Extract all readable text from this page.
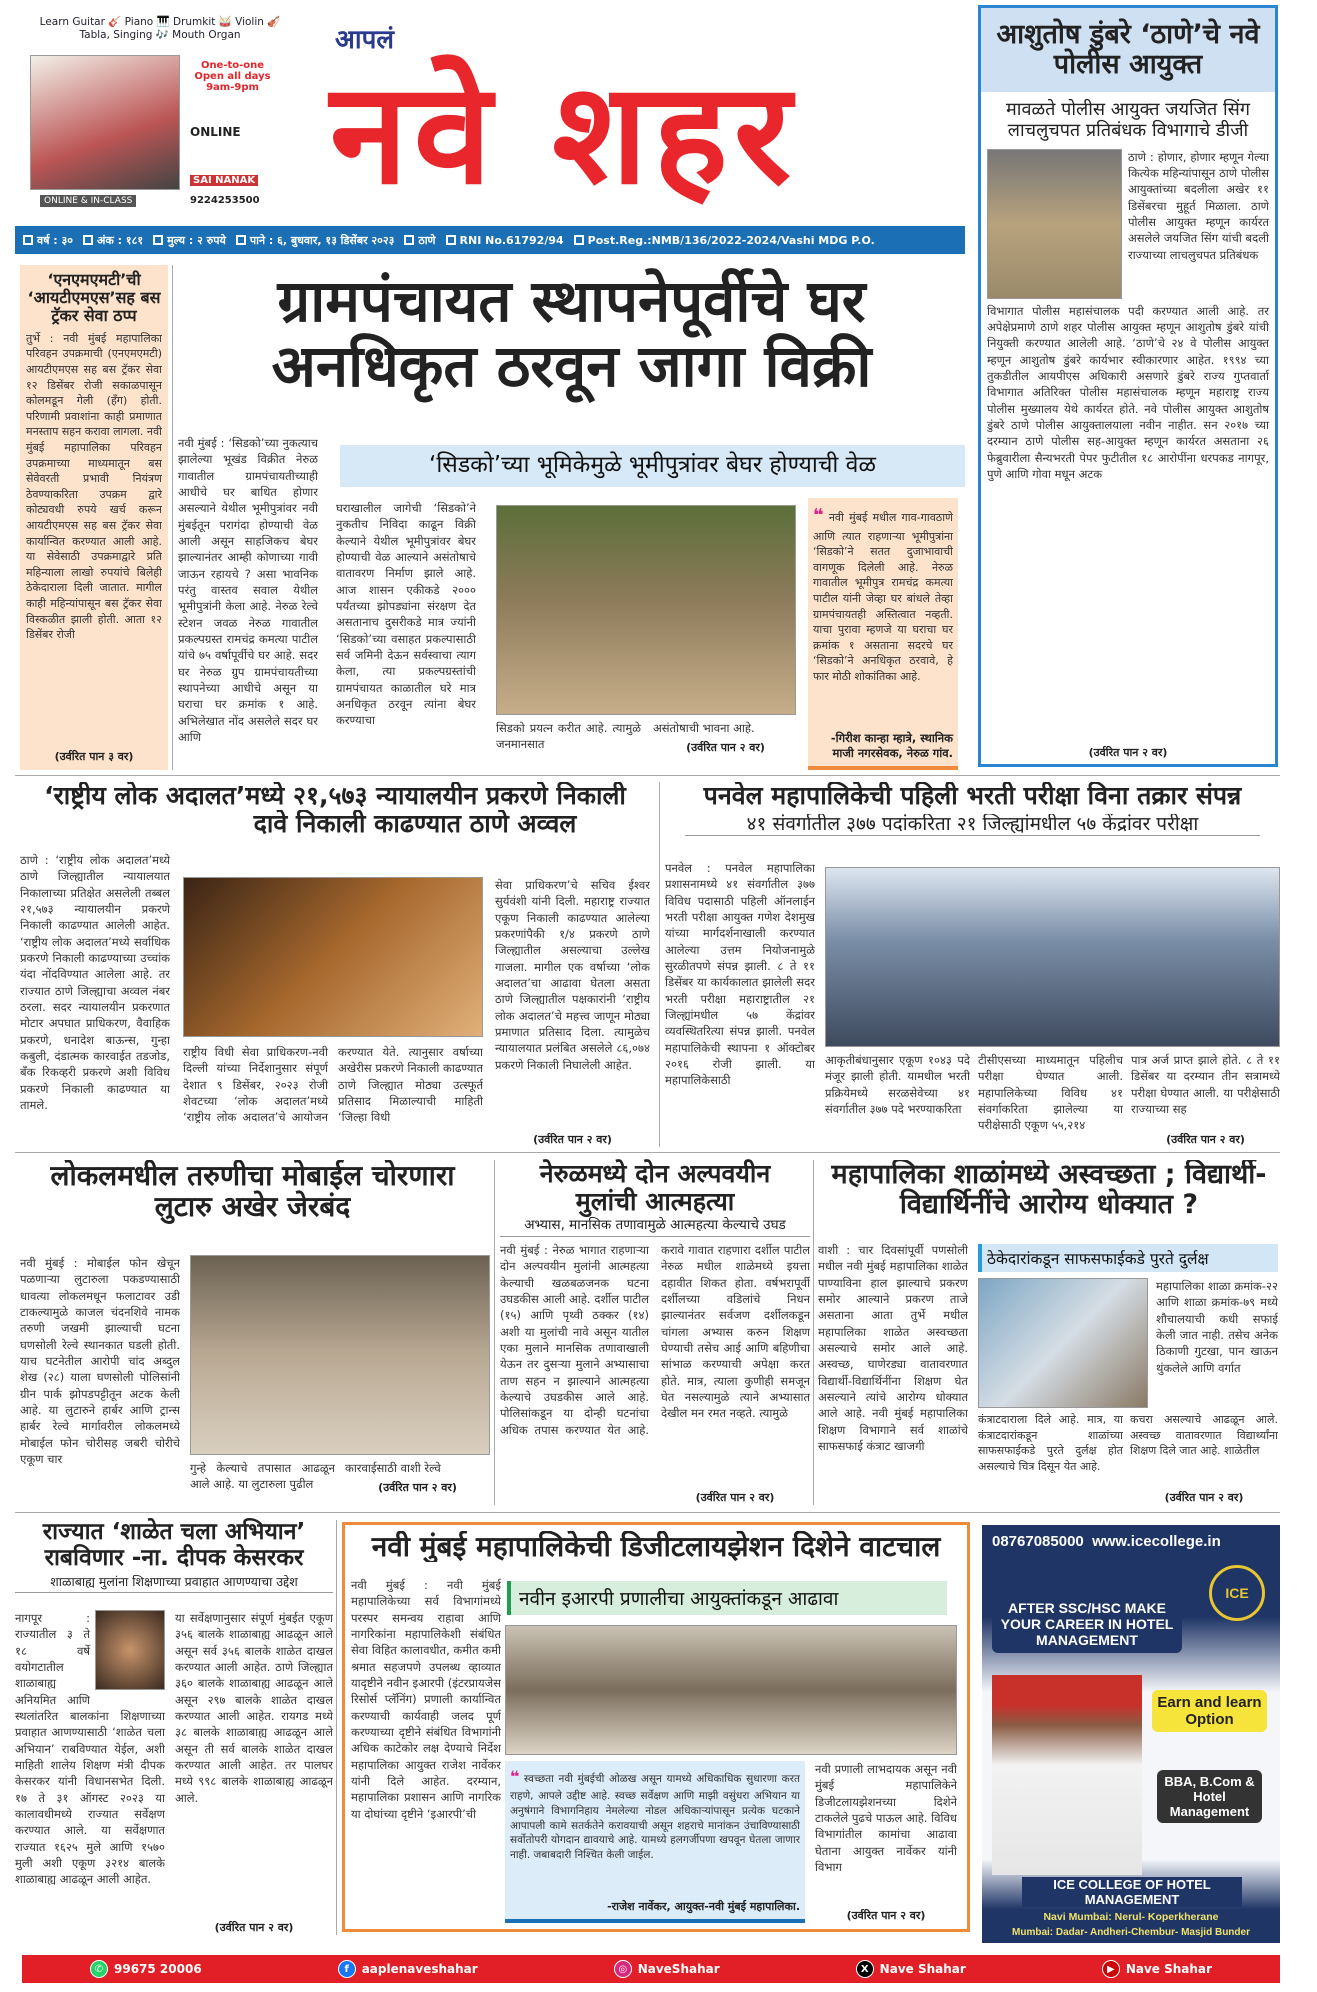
Learn Guitar 🎸 Piano 🎹 Drumkit 🥁 Violin 🎻
Tabla, Singing 🎶 Mouth Organ
One-to-one Open all days 9am-9pm
ONLINE
ONLINE & IN-CLASS
SAI NANAK
9224253500
आपलं
नवे शहर
वर्ष : ३० अंक : १८१ मुल्य : २ रुपये पाने : ६, बुधवार, १३ डिसेंबर २०२३ ठाणे RNI No.61792/94 Post.Reg.:NMB/136/2022-2024/Vashi MDG P.O.
आशुतोष डुंबरे ‘ठाणे’चे नवे पोलीस आयुक्त
मावळते पोलीस आयुक्त जयजित सिंग लाचलुचपत प्रतिबंधक विभागाचे डीजी
ठाणे : होणार, होणार म्हणून गेल्या कित्येक महिन्यांपासून ठाणे पोलीस आयुक्तांच्या बदलीला अखेर ११ डिसेंबरचा मुहूर्त मिळाला. ठाणे पोलीस आयुक्त म्हणून कार्यरत असलेले जयजित सिंग यांची बदली राज्याच्या लाचलुचपत प्रतिबंधक
विभागात पोलीस महासंचालक पदी करण्यात आली आहे. तर अपेक्षेप्रमाणे ठाणे शहर पोलीस आयुक्त म्हणून आशुतोष डुंबरे यांची नियुक्ती करण्यात आलेली आहे. ‘ठाणे’चे २४ वे पोलीस आयुक्त म्हणून आशुतोष डुंबरे कार्यभार स्वीकारणार आहेत. १९९४ च्या तुकडीतील आयपीएस अधिकारी असणारे डुंबरे राज्य गुप्तवार्ता विभागात अतिरिक्त पोलीस महासंचालक म्हणून महाराष्ट्र राज्य पोलीस मुख्यालय येथे कार्यरत होते. नवे पोलीस आयुक्त आशुतोष डुंबरे ठाणे पोलीस आयुक्तालयाला नवीन नाहीत. सन २०१७ च्या दरम्यान ठाणे पोलीस सह-आयुक्त म्हणून कार्यरत असताना २६ फेब्रुवारीला सैन्यभरती पेपर फुटीतील १८ आरोपींना धरपकड नागपूर, पुणे आणि गोवा मधून अटक
(उर्वरित पान २ वर)
‘एनएमएमटी’ची ‘आयटीएमएस’सह बस ट्रॅकर सेवा ठप्प
तुर्भे : नवी मुंबई महापालिका परिवहन उपक्रमाची (एनएमएमटी) आयटीएमएस सह बस ट्रॅकर सेवा १२ डिसेंबर रोजी सकाळपासून कोलमडून गेली (हँग) होती. परिणामी प्रवाशांना काही प्रमाणात मनस्ताप सहन करावा लागला. नवी मुंबई महापालिका परिवहन उपक्रमाच्या माध्यमातून बस सेवेवरती प्रभावी नियंत्रण ठेवण्याकरिता उपक्रम द्वारे कोट्यवधी रुपये खर्च करून आयटीएमएस सह बस ट्रॅकर सेवा कार्यान्वित करण्यात आली आहे. या सेवेसाठी उपक्रमाद्वारे प्रति महिन्याला लाखो रुपयांचे बिलेही ठेकेदाराला दिली जातात. मागील काही महिन्यांपासून बस ट्रॅकर सेवा विस्कळीत झाली होती. आता १२ डिसेंबर रोजी
(उर्वरित पान ३ वर)
ग्रामपंचायत स्थापनेपूर्वीचे घर अनधिकृत ठरवून जागा विक्री
नवी मुंबई : ‘सिडको’च्या नुकत्याच झालेल्या भूखंड विक्रीत नेरुळ गावातील ग्रामपंचायतीच्याही आधीचे घर बाधित होणार असल्याने येथील भूमीपुत्रांवर नवी मुंबईतून परागंदा होण्याची वेळ आली असून साहजिकच बेघर झाल्यानंतर आम्ही कोणाच्या गावी जाऊन रहायचे ? असा भावनिक परंतु वास्तव सवाल येथील भूमीपुत्रांनी केला आहे. नेरुळ रेल्वे स्टेशन जवळ नेरुळ गावातील प्रकल्पग्रस्त रामचंद्र कमत्या पाटील यांचे ७५ वर्षापूर्वीचे घर आहे. सदर घर नेरुळ ग्रुप ग्रामपंचायतीच्या स्थापनेच्या आधीचे असून या घराचा घर क्रमांक १ आहे. अभिलेखात नोंद असलेले सदर घर आणि
‘सिडको’च्या भूमिकेमुळे भूमीपुत्रांवर बेघर होण्याची वेळ
घराखालील जागेची ‘सिडको’ने नुकतीच निविदा काढून विक्री केल्याने येथील भूमीपुत्रांवर बेघर होण्याची वेळ आल्याने असंतोषाचे वातावरण निर्माण झाले आहे. आज शासन एकीकडे २००० पर्यंतच्या झोपड्यांना संरक्षण देत असतानाच दुसरीकडे मात्र ज्यांनी ‘सिडको’च्या वसाहत प्रकल्पासाठी सर्व जमिनी देऊन सर्वस्वाचा त्याग केला, त्या प्रकल्पग्रस्तांची ग्रामपंचायत काळातील घरे मात्र अनधिकृत ठरवून त्यांना बेघर करण्याचा
सिडको प्रयत्न करीत आहे. त्यामुळे जनमानसात
असंतोषाची भावना आहे.
(उर्वरित पान २ वर)
❝ नवी मुंबई मधील गाव-गावठाणे आणि त्यात राहणाऱ्या भूमीपुत्रांना ‘सिडको’ने सतत दुजाभावाची वागणूक दिलेली आहे. नेरुळ गावातील भूमीपुत्र रामचंद्र कमत्या पाटील यांनी जेव्हा घर बांधले तेव्हा ग्रामपंचायतही अस्तित्वात नव्हती. याचा पुरावा म्हणजे या घराचा घर क्रमांक १ असताना सदरचे घर ‘सिडको’ने अनधिकृत ठरवावे, हे फार मोठी शोकांतिका आहे.
-गिरीश कान्हा म्हात्रे, स्थानिक माजी नगरसेवक, नेरुळ गांव.
‘राष्ट्रीय लोक अदालत’मध्ये २१,५७३ न्यायालयीन प्रकरणे निकाली
दावे निकाली काढण्यात ठाणे अव्वल
ठाणे : ‘राष्ट्रीय लोक अदालत’मध्ये ठाणे जिल्ह्यातील न्यायालयात निकालाच्या प्रतिक्षेत असलेली तब्बल २१,५७३ न्यायालयीन प्रकरणे निकाली काढण्यात आलेली आहेत. ‘राष्ट्रीय लोक अदालत’मध्ये सर्वाधिक प्रकरणे निकाली काढण्याच्या उच्चांक यंदा नोंदविण्यात आलेला आहे. तर राज्यात ठाणे जिल्ह्याचा अव्वल नंबर ठरला. सदर न्यायालयीन प्रकरणात मोटार अपघात प्राधिकरण, वैवाहिक प्रकरणे, धनादेश बाऊन्स, गुन्हा कबुली, दंडात्मक कारवाईत तडजोड, बँक रिकव्हरी प्रकरणे अशी विविध प्रकरणे निकाली काढण्यात या तामले.
राष्ट्रीय विधी सेवा प्राधिकरण-नवी दिल्ली यांच्या निर्देशानुसार संपूर्ण देशात ९ डिसेंबर, २०२३ रोजी शेवटच्या ‘लोक अदालत’मध्ये ‘राष्ट्रीय लोक अदालत’चे आयोजन करण्यात येते. त्यानुसार वर्षाच्या अखेरीस प्रकरणे निकाली काढण्यात ठाणे जिल्ह्यात मोठ्या उत्स्फूर्त प्रतिसाद मिळाल्याची माहिती ‘जिल्हा विधी
सेवा प्राधिकरण’चे सचिव ईश्वर सुर्यवंशी यांनी दिली. महाराष्ट्र राज्यात एकूण निकाली काढण्यात आलेल्या प्रकरणांपैकी १/४ प्रकरणे ठाणे जिल्ह्यातील असल्याचा उल्लेख गाजला. मागील एक वर्षाच्या ‘लोक अदालत’चा आढावा घेतला असता ठाणे जिल्ह्यातील पक्षकारांनी ‘राष्ट्रीय लोक अदालत’चे महत्त्व जाणून मोठ्या प्रमाणात प्रतिसाद दिला. त्यामुळेच न्यायालयात प्रलंबित असलेले ८६,०७४ प्रकरणे निकाली निघालेली आहेत.
(उर्वरित पान २ वर)
पनवेल महापालिकेची पहिली भरती परीक्षा विना तक्रार संपन्न
४१ संवर्गातील ३७७ पदांकरिता २१ जिल्ह्यांमधील ५७ केंद्रांवर परीक्षा
पनवेल : पनवेल महापालिका प्रशासनामध्ये ४१ संवर्गातील ३७७ विविध पदासाठी पहिली ऑनलाईन भरती परीक्षा आयुक्त गणेश देशमुख यांच्या मार्गदर्शनाखाली करण्यात आलेल्या उत्तम नियोजनामुळे सुरळीतपणे संपन्न झाली. ८ ते ११ डिसेंबर या कार्यकालात झालेली सदर भरती परीक्षा महाराष्ट्रातील २१ जिल्ह्यांमधील ५७ केंद्रांवर व्यवस्थितरित्या संपन्न झाली. पनवेल महापालिकेची स्थापना १ ऑक्टोबर २०१६ रोजी झाली. या महापालिकेसाठी
आकृतीबंधानुसार एकूण १०४३ पदे मंजूर झाली होती. यामधील भरती प्रक्रियेमध्ये सरळसेवेच्या ४१ संवर्गातील ३७७ पदे भरण्याकरिता
टीसीएसच्या माध्यमातून पहिलीच परीक्षा घेण्यात आली. महापालिकेच्या विविध ४१ संवर्गाकरिता झालेल्या या परीक्षेसाठी एकूण ५५,२१४
पात्र अर्ज प्राप्त झाले होते. ८ ते ११ डिसेंबर या दरम्यान तीन सत्रामध्ये परीक्षा घेण्यात आली. या परीक्षेसाठी राज्याच्या सह
(उर्वरित पान २ वर)
लोकलमधील तरुणीचा मोबाईल चोरणारा लुटारु अखेर जेरबंद
नवी मुंबई : मोबाईल फोन खेचून पळणाऱ्या लुटारुला पकडण्यासाठी धावत्या लोकलमधून फलाटावर उडी टाकल्यामुळे काजल चंदनशिवे नामक तरुणी जखमी झाल्याची घटना घणसोली रेल्वे स्थानकात घडली होती. याच घटनेतील आरोपी चांद अब्दुल शेख (२८) याला घणसोली पोलिसांनी ग्रीन पार्क झोपडपट्टीतून अटक केली आहे. या लुटारुने हार्बर आणि ट्रान्स हार्बर रेल्वे मार्गावरील लोकलमध्ये मोबाईल फोन चोरीसह जबरी चोरीचे एकूण चार
गुन्हे केल्याचे तपासात आढळून आले आहे. या लुटारुला पुढील
कारवाईसाठी वाशी रेल्वे
(उर्वरित पान २ वर)
नेरुळमध्ये दोन अल्पवयीन मुलांची आत्महत्या
अभ्यास, मानसिक तणावामुळे आत्महत्या केल्याचे उघड
नवी मुंबई : नेरुळ भागात राहणाऱ्या दोन अल्पवयीन मुलांनी आत्महत्या केल्याची खळबळजनक घटना उघडकीस आली आहे. दर्शील पाटील (१५) आणि पृथ्वी ठक्कर (१४) अशी या मुलांची नावे असून यातील एका मुलाने मानसिक तणावाखाली येऊन तर दुसऱ्या मुलाने अभ्यासाचा ताण सहन न झाल्याने आत्महत्या केल्याचे उघडकीस आले आहे. पोलिसांकडून या दोन्ही घटनांचा अधिक तपास करण्यात येत आहे. करावे गावात राहणारा दर्शील पाटील नेरुळ मधील शाळेमध्ये इयत्ता दहावीत शिकत होता. वर्षभरापूर्वी दर्शीलच्या वडिलांचे निधन झाल्यानंतर सर्वजण दर्शीलकडून चांगला अभ्यास करुन शिक्षण घेण्याची तसेच आई आणि बहिणीचा सांभाळ करण्याची अपेक्षा करत होते. मात्र, त्याला कुणीही समजून घेत नसल्यामुळे त्याने अभ्यासात देखील मन रमत नव्हते. त्यामुळे
(उर्वरित पान २ वर)
महापालिका शाळांमध्ये अस्वच्छता ; विद्यार्थी-विद्यार्थिनींचे आरोग्य धोक्यात ?
वाशी : चार दिवसांपूर्वी पणसोली मधील नवी मुंबई महापालिका शाळेत पाण्याविना हाल झाल्याचे प्रकरण समोर आल्याने प्रकरण ताजे असताना आता तुर्भे मधील महापालिका शाळेत अस्वच्छता असल्याचे समोर आले आहे. अस्वच्छ, घाणेरड्या वातावरणात विद्यार्थी-विद्यार्थिनींना शिक्षण घेत असल्याने त्यांचे आरोग्य धोक्यात आले आहे. नवी मुंबई महापालिका शिक्षण विभागाने सर्व शाळांचे साफसफाई कंत्राट खाजगी
ठेकेदारांकडून साफसफाईकडे पुरते दुर्लक्ष
महापालिका शाळा क्रमांक-२२ आणि शाळा क्रमांक-७९ मध्ये शौचालयाची कधी सफाई केली जात नाही. तसेच अनेक ठिकाणी गुटखा, पान खाऊन थुंकलेले आणि वर्गात
कंत्राटदाराला दिले आहे. मात्र, या कंत्राटदारांकडून शाळांच्या साफसफाईकडे पुरते दुर्लक्ष होत असल्याचे चित्र दिसून येत आहे.
कचरा असल्याचे आढळून आले. अस्वच्छ वातावरणात विद्यार्थ्यांना शिक्षण दिले जात आहे. शाळेतील
(उर्वरित पान २ वर)
राज्यात ‘शाळेत चला अभियान’ राबविणार -ना. दीपक केसरकर
शाळाबाह्य मुलांना शिक्षणाच्या प्रवाहात आणण्याचा उद्देश
नागपूर : राज्यातील ३ ते १८ वर्षे वयोगटातील शाळाबाह्य अनियमित आणि स्थलांतरित बालकांना शिक्षणाच्या प्रवाहात आणण्यासाठी ‘शाळेत चला अभियान’ राबविण्यात येईल, अशी माहिती शालेय शिक्षण मंत्री दीपक केसरकर यांनी विधानसभेत दिली. १७ ते ३१ ऑगस्ट २०२३ या कालावधीमध्ये राज्यात सर्वेक्षण करण्यात आले. या सर्वेक्षणात राज्यात १६२५ मुले आणि १५७० मुली अशी एकूण ३२१४ बालके शाळाबाह्य आढळून आली आहेत.
या सर्वेक्षणानुसार संपूर्ण मुंबईत एकूण ३५६ बालके शाळाबाह्य आढळून आले असून सर्व ३५६ बालके शाळेत दाखल करण्यात आली आहेत. ठाणे जिल्ह्यात ३६० बालके शाळाबाह्य आढळून आले असून २९७ बालके शाळेत दाखल करण्यात आली आहेत. रायगड मध्ये ३८ बालके शाळाबाह्य आढळून आले असून ती सर्व बालके शाळेत दाखल करण्यात आली आहेत. तर पालघर मध्ये ९९८ बालके शाळाबाह्य आढळून आले.
(उर्वरित पान २ वर)
नवी मुंबई महापालिकेची डिजीटलायझेशन दिशेने वाटचाल
नवी मुंबई : नवी मुंबई महापालिकेच्या सर्व विभागांमध्ये परस्पर समन्वय राहावा आणि नागरिकांना महापालिकेशी संबंधित सेवा विहित कालावधीत, कमीत कमी श्रमात सहजपणे उपलब्ध व्हाव्यात यादृष्टीने नवीन इआरपी (इंटरप्रायजेस रिसोर्स प्लॅनिंग) प्रणाली कार्यान्वित करण्याची कार्यवाही जलद पूर्ण करण्याच्या दृष्टीने संबंधित विभागांनी अधिक काटेकोर लक्ष देण्याचे निर्देश महापालिका आयुक्त राजेश नार्वेकर यांनी दिले आहेत. दरम्यान, महापालिका प्रशासन आणि नागरिक या दोघांच्या दृष्टीने ‘इआरपी’ची
नवीन इआरपी प्रणालीचा आयुक्तांकडून आढावा
❝ स्वच्छता नवी मुंबईची ओळख असून यामध्ये अधिकाधिक सुधारणा करत राहणे, आपले उद्दीष्ट आहे. स्वच्छ सर्वेक्षण आणि माझी वसुंधरा अभियान या अनुषंगाने विभागनिहाय नेमलेल्या नोडल अधिकाऱ्यांपासून प्रत्येक घटकाने आपापली कामे सतर्कतेने करावयाची असून शहराचे मानांकन उंचाविण्यासाठी सर्वोतोपरी योगदान द्यावयाचे आहे. यामध्ये हलगर्जीपणा खपवून घेतला जाणार नाही. जबाबदारी निश्चित केली जाईल.
-राजेश नार्वेकर, आयुक्त-नवी मुंबई महापालिका.
नवी प्रणाली लाभदायक असून नवी मुंबई महापालिकेने डिजीटलायझेशनच्या दिशेने टाकलेले पुढचे पाऊल आहे. विविध विभागांतील कामांचा आढावा घेताना आयुक्त नार्वेकर यांनी विभाग
(उर्वरित पान २ वर)
08767085000  www.icecollege.in
ICE
AFTER SSC/HSC MAKE YOUR CAREER IN HOTEL MANAGEMENT
Earn and learn Option
BBA, B.Com & Hotel Management
ICE COLLEGE OF HOTEL MANAGEMENT
Navi Mumbai: Nerul- Koperkherane
Mumbai: Dadar- Andheri-Chembur- Masjid Bunder
✆ 99675 20006	f	aaplenaveshahar	◎ NaveShahar	X Nave Shahar	▶ Nave Shahar
